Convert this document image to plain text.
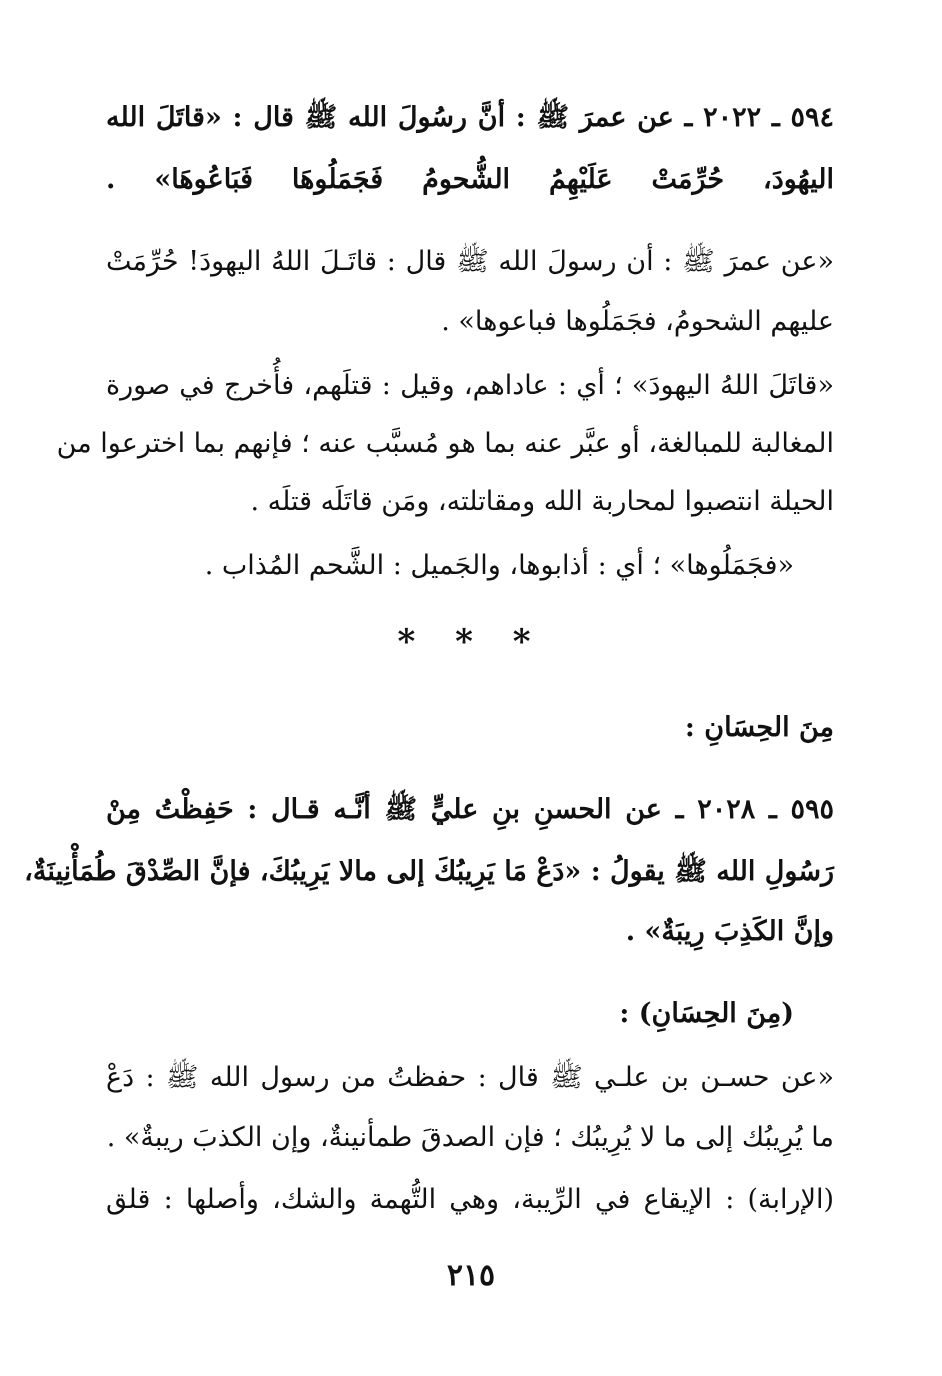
٥٩٤ ـ ٢٠٢٢ ـ عن عمرَ ﷺ : أنَّ رسُولَ الله ﷺ قال : «قاتَلَ الله
اليهُودَ، حُرِّمَتْ عَلَيْهِمُ الشُّحومُ فَجَمَلُوهَا فَبَاعُوهَا» .
«عن عمرَ ﷺ : أن رسولَ الله ﷺ قال : قاتَـلَ اللهُ اليهودَ! حُرِّمَتْ
عليهم الشحومُ، فجَمَلُوها فباعوها» .
«قاتَلَ اللهُ اليهودَ» ؛ أي : عاداهم، وقيل : قتلَهم، فأُخرج في صورة
المغالبة للمبالغة، أو عبَّر عنه بما هو مُسبَّب عنه ؛ فإنهم بما اخترعوا من
الحيلة انتصبوا لمحاربة الله ومقاتلته، ومَن قاتَلَه قتلَه .
«فجَمَلُوها» ؛ أي : أذابوها، والجَميل : الشَّحم المُذاب .
* * *
مِنَ الحِسَانِ :
٥٩٥ ـ ٢٠٢٨ ـ عن الحسنِ بنِ عليٍّ ﷺ أنَّـه قـال : حَفِظْتُ مِنْ
رَسُولِ الله ﷺ يقولُ : «دَعْ مَا يَرِيبُكَ إلى مالا يَرِيبُكَ، فإنَّ الصِّدْقَ طُمَأْنِينَةٌ،
وإنَّ الكَذِبَ رِيبَةٌ» .
(مِنَ الحِسَانِ) :
«عن حسـن بن علـي ﷺ قال : حفظتُ من رسول الله ﷺ : دَعْ
ما يُرِيبُك إلى ما لا يُرِيبُك ؛ فإن الصدقَ طمأنينةٌ، وإن الكذبَ ريبةٌ» .
(الإرابة) : الإيقاع في الرِّيبة، وهي التُّهمة والشك، وأصلها : قلق
٢١٥
